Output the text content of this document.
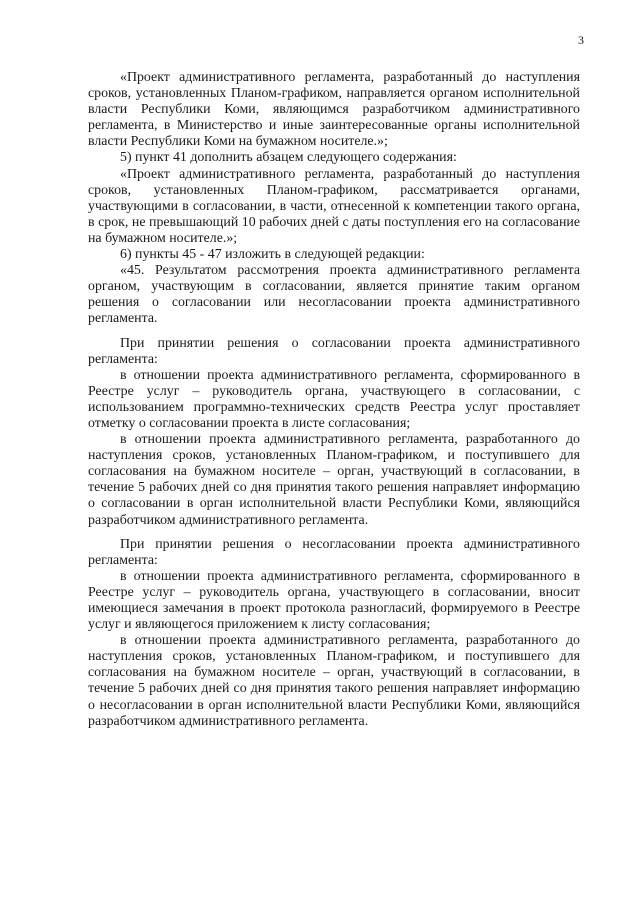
3

«Проект административного регламента, разработанный до наступления сроков, установленных Планом-графиком, направляется органом исполнительной власти Республики Коми, являющимся разработчиком административного регламента, в Министерство и иные заинтересованные органы исполнительной власти Республики Коми на бумажном носителе.»;

5) пункт 41 дополнить абзацем следующего содержания:

«Проект административного регламента, разработанный до наступления сроков, установленных Планом-графиком, рассматривается органами, участвующими в согласовании, в части, отнесенной к компетенции такого органа, в срок, не превышающий 10 рабочих дней с даты поступления его на согласование на бумажном носителе.»;

6) пункты 45 - 47 изложить в следующей редакции:

«45. Результатом рассмотрения проекта административного регламента органом, участвующим в согласовании, является принятие таким органом решения о согласовании или несогласовании проекта административного регламента.

При принятии решения о согласовании проекта административного регламента:

в отношении проекта административного регламента, сформированного в Реестре услуг – руководитель органа, участвующего в согласовании, с использованием программно-технических средств Реестра услуг проставляет отметку о согласовании проекта в листе согласования;

в отношении проекта административного регламента, разработанного до наступления сроков, установленных Планом-графиком, и поступившего для согласования на бумажном носителе – орган, участвующий в согласовании, в течение 5 рабочих дней со дня принятия такого решения направляет информацию о согласовании в орган исполнительной власти Республики Коми, являющийся разработчиком административного регламента.

При принятии решения о несогласовании проекта административного регламента:

в отношении проекта административного регламента, сформированного в Реестре услуг – руководитель органа, участвующего в согласовании, вносит имеющиеся замечания в проект протокола разногласий, формируемого в Реестре услуг и являющегося приложением к листу согласования;

в отношении проекта административного регламента, разработанного до наступления сроков, установленных Планом-графиком, и поступившего для согласования на бумажном носителе – орган, участвующий в согласовании, в течение 5 рабочих дней со дня принятия такого решения направляет информацию о несогласовании в орган исполнительной власти Республики Коми, являющийся разработчиком административного регламента.
